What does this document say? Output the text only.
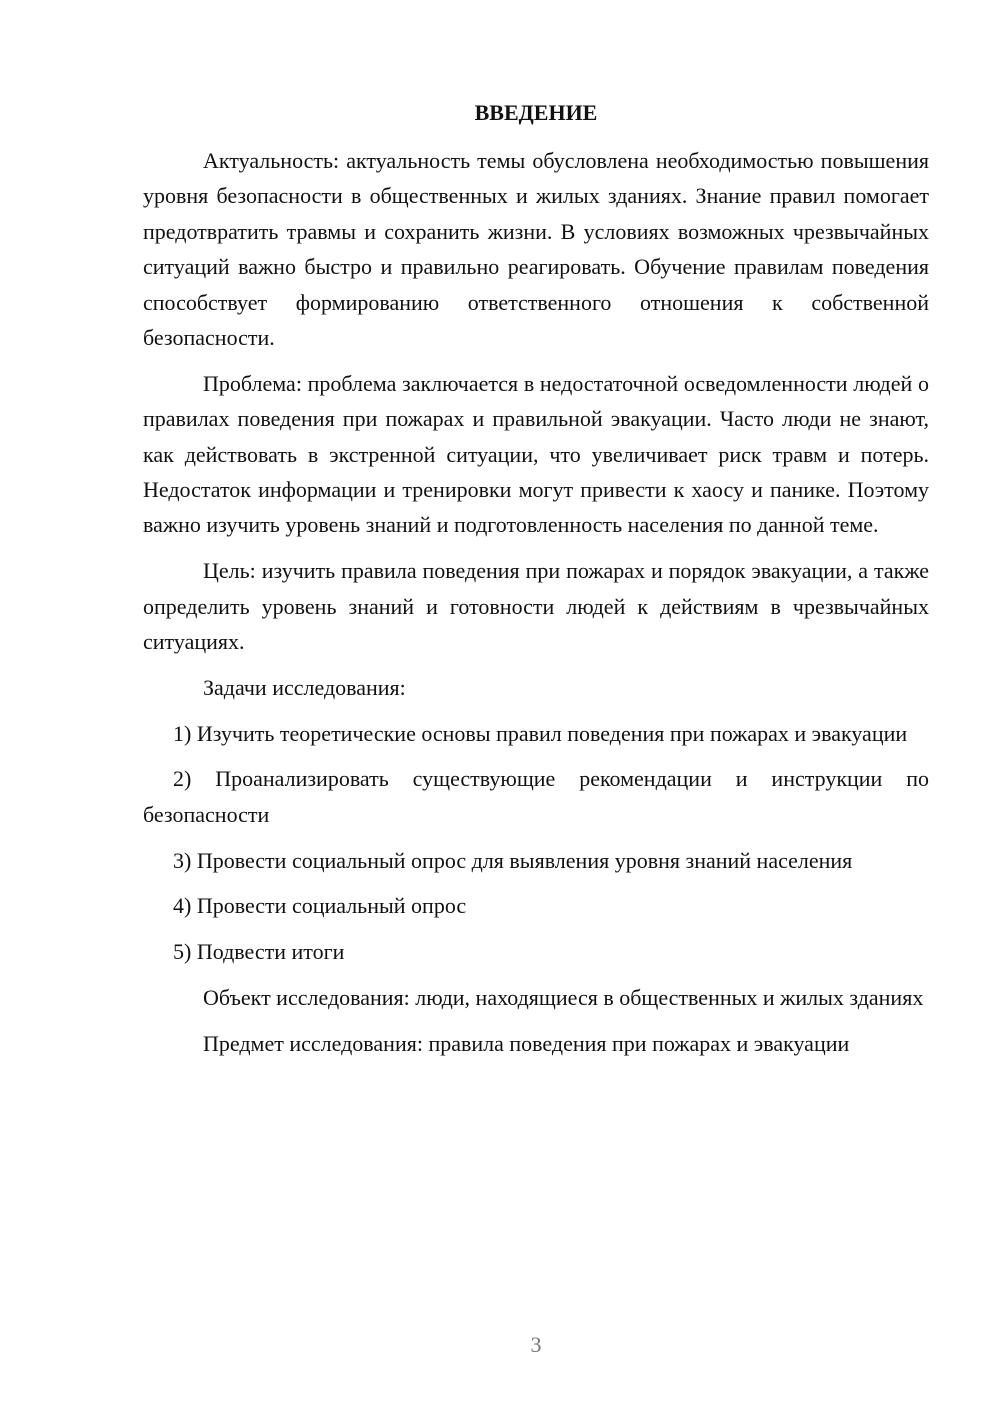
ВВЕДЕНИЕ

Актуальность: актуальность темы обусловлена необходимостью повышения уровня безопасности в общественных и жилых зданиях. Знание правил помогает предотвратить травмы и сохранить жизни. В условиях возможных чрезвычайных ситуаций важно быстро и правильно реагировать. Обучение правилам поведения способствует формированию ответственного отношения к собственной безопасности.

Проблема: проблема заключается в недостаточной осведомленности людей о правилах поведения при пожарах и правильной эвакуации. Часто люди не знают, как действовать в экстренной ситуации, что увеличивает риск травм и потерь. Недостаток информации и тренировки могут привести к хаосу и панике. Поэтому важно изучить уровень знаний и подготовленность населения по данной теме.

Цель: изучить правила поведения при пожарах и порядок эвакуации, а также определить уровень знаний и готовности людей к действиям в чрезвычайных ситуациях.

Задачи исследования:

1) Изучить теоретические основы правил поведения при пожарах и эвакуации

2) Проанализировать существующие рекомендации и инструкции по безопасности

3) Провести социальный опрос для выявления уровня знаний населения

4) Провести социальный опрос

5) Подвести итоги

Объект исследования: люди, находящиеся в общественных и жилых зданиях

Предмет исследования: правила поведения при пожарах и эвакуации

3
